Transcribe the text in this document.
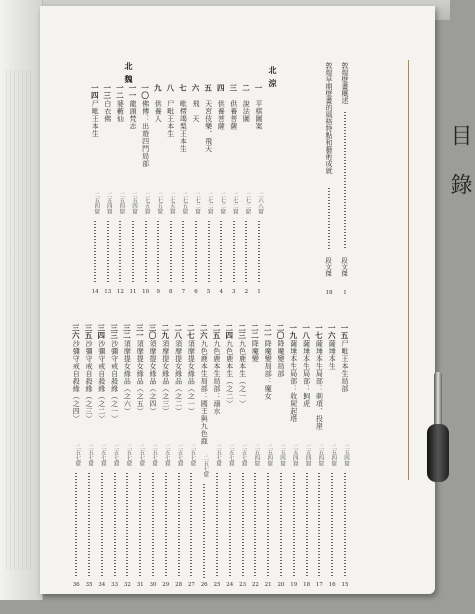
目 錄
敦煌壁畫概述
段文傑
1
敦煌早期壁畫的風格特點和藝術成就
段文傑
18
北 涼
北 魏
一
平棋圖案
二六八窟
1
二
說法圖
二七二窟
2
三
供養菩薩
二七二窟
3
四
供養菩薩
二七二窟
4
五
天宮伎樂、飛天
二七二窟
5
六
飛　天
二七二窟
6
七
毗楞竭梨王本生
二七五窟
7
八
尸毗王本生
二七五窟
8
九
供養人
二七五窟
9
一〇
佛傳：出遊四門局部
二七五窟
10
一一
龍頭梵志
二五四窟
11
一二
婆藪仙
二五四窟
12
一三
白衣佛
二五四窟
13
一四
尸毗王本生
二五四窟
14
一五
尸毗王本生局部
二五四窟
15
一六
薩埵本生
二五四窟
16
一七
薩埵本生局部：刺項、投崖
二五四窟
17
一八
薩埵本生局部：飼虎
二五四窟
18
一九
薩埵本生局部：收屍起塔
二五四窟
19
二〇
降魔變局部
二五四窟
20
二一
降魔變局部：魔女
二五四窟
21
二二
降魔變
二五四窟
22
二三
九色鹿本生（之一）
二五七窟
23
二四
九色鹿本生（之二）
二五七窟
24
二五
九色鹿本生局部：溺水
二五七窟
25
二六
九色鹿本生局部：國王與九色鹿
二五七窟
26
二七
須摩提女緣品（之一）
二五七窟
27
二八
須摩提女緣品（之二）
二五七窟
28
二九
須摩提女緣品（之三）
二五七窟
29
三〇
須摩提女緣品（之四）
二五七窟
30
三一
須摩提女緣品（之五）
二五七窟
31
三二
須摩提女緣品（之六）
二五七窟
32
三三
沙彌守戒自殺緣（之一）
二五七窟
33
三四
沙彌守戒自殺緣（之二）
二五七窟
34
三五
沙彌守戒自殺緣（之三）
二五七窟
35
三六
沙彌守戒自殺緣（之四）
二五七窟
36
